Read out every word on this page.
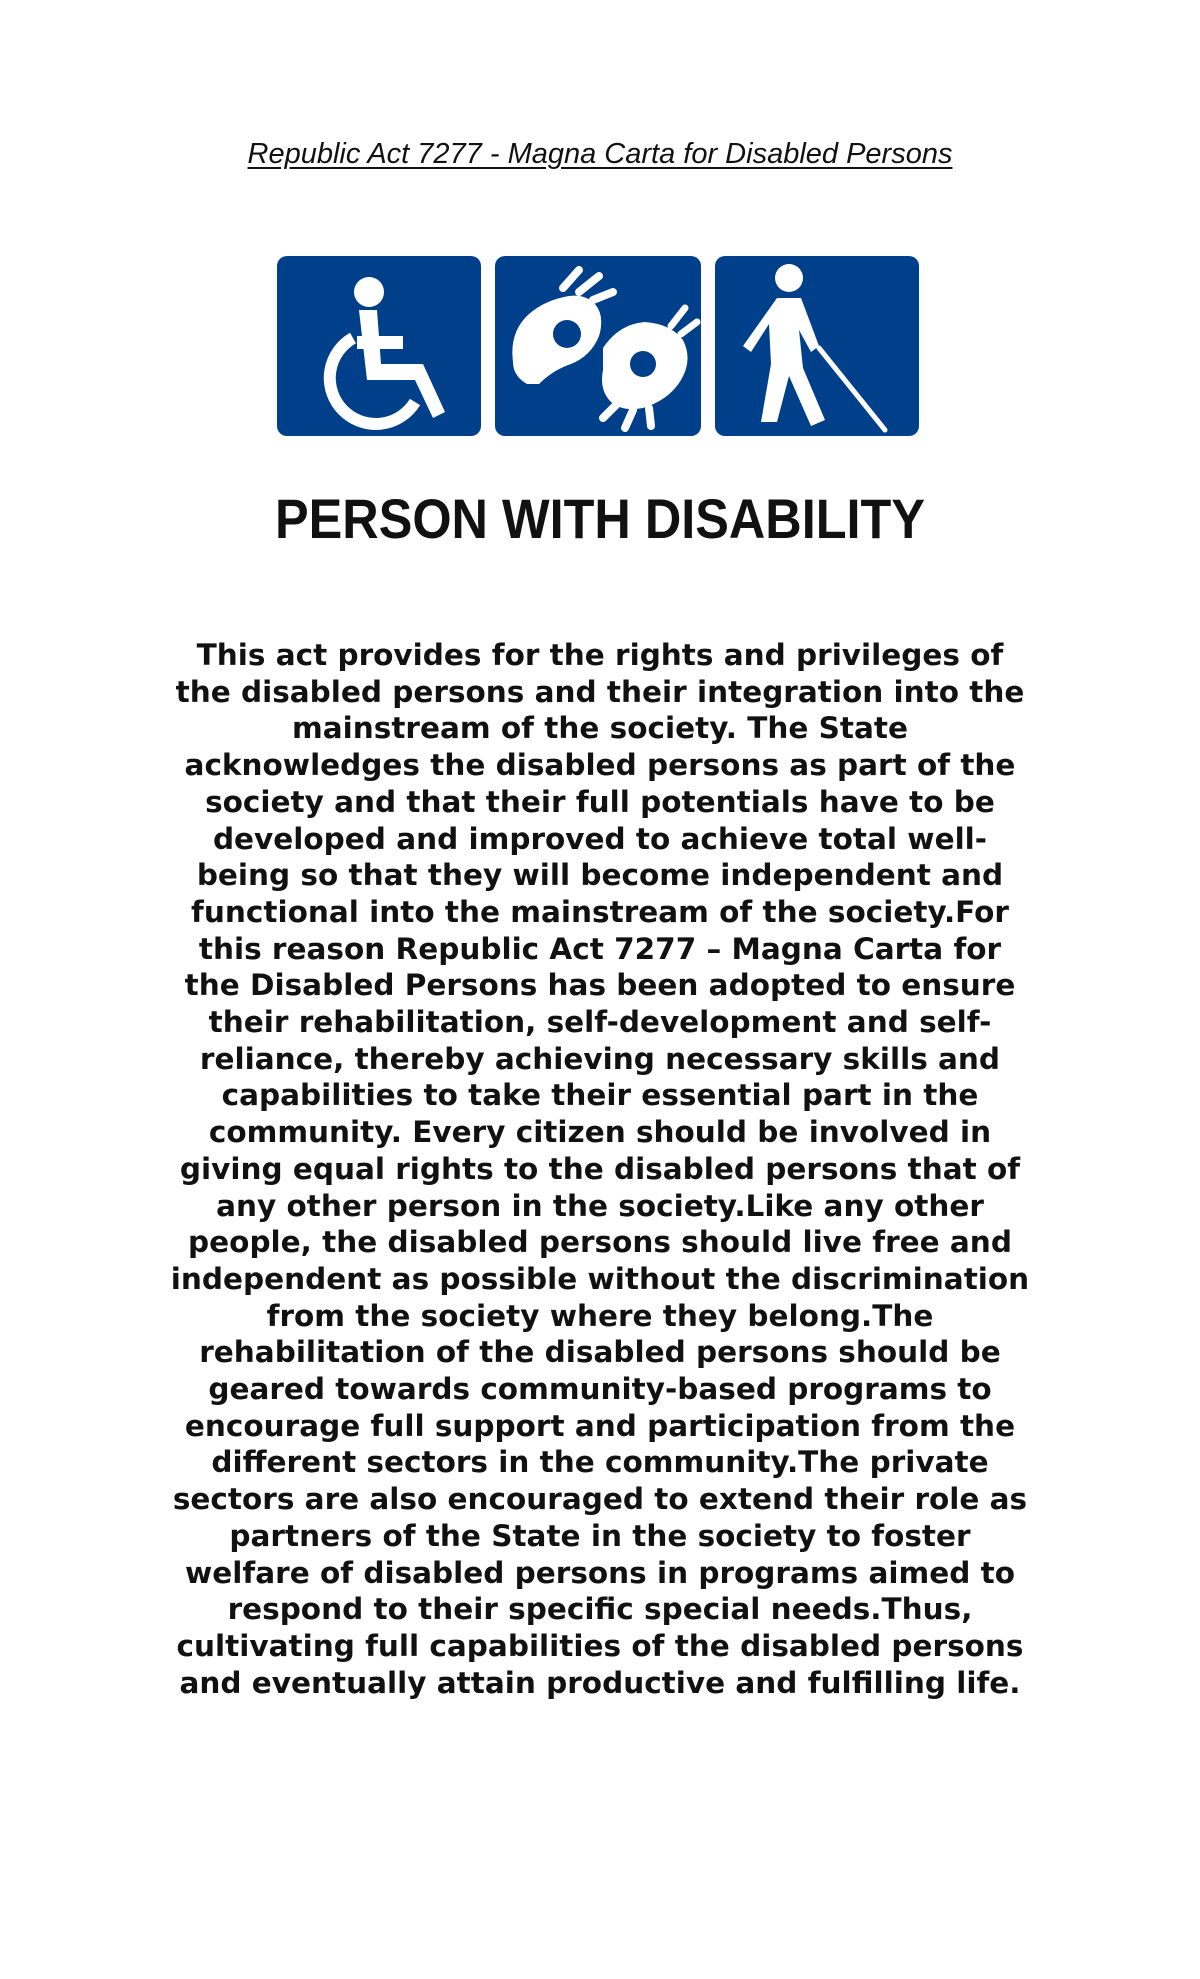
Republic Act 7277 - Magna Carta for Disabled Persons
PERSON WITH DISABILITY
This act provides for the rights and privileges of the disabled persons and their integration into the mainstream of the society. The State acknowledges the disabled persons as part of the society and that their full potentials have to be developed and improved to achieve total well-being so that they will become independent and functional into the mainstream of the society.For this reason Republic Act 7277 – Magna Carta for the Disabled Persons has been adopted to ensure their rehabilitation, self-development and self-reliance, thereby achieving necessary skills and capabilities to take their essential part in the community. Every citizen should be involved in giving equal rights to the disabled persons that of any other person in the society.Like any other people, the disabled persons should live free and independent as possible without the discrimination from the society where they belong.The rehabilitation of the disabled persons should be geared towards community-based programs to encourage full support and participation from the different sectors in the community.The private sectors are also encouraged to extend their role as partners of the State in the society to foster welfare of disabled persons in programs aimed to respond to their specific special needs.Thus, cultivating full capabilities of the disabled persons and eventually attain productive and fulfilling life.
